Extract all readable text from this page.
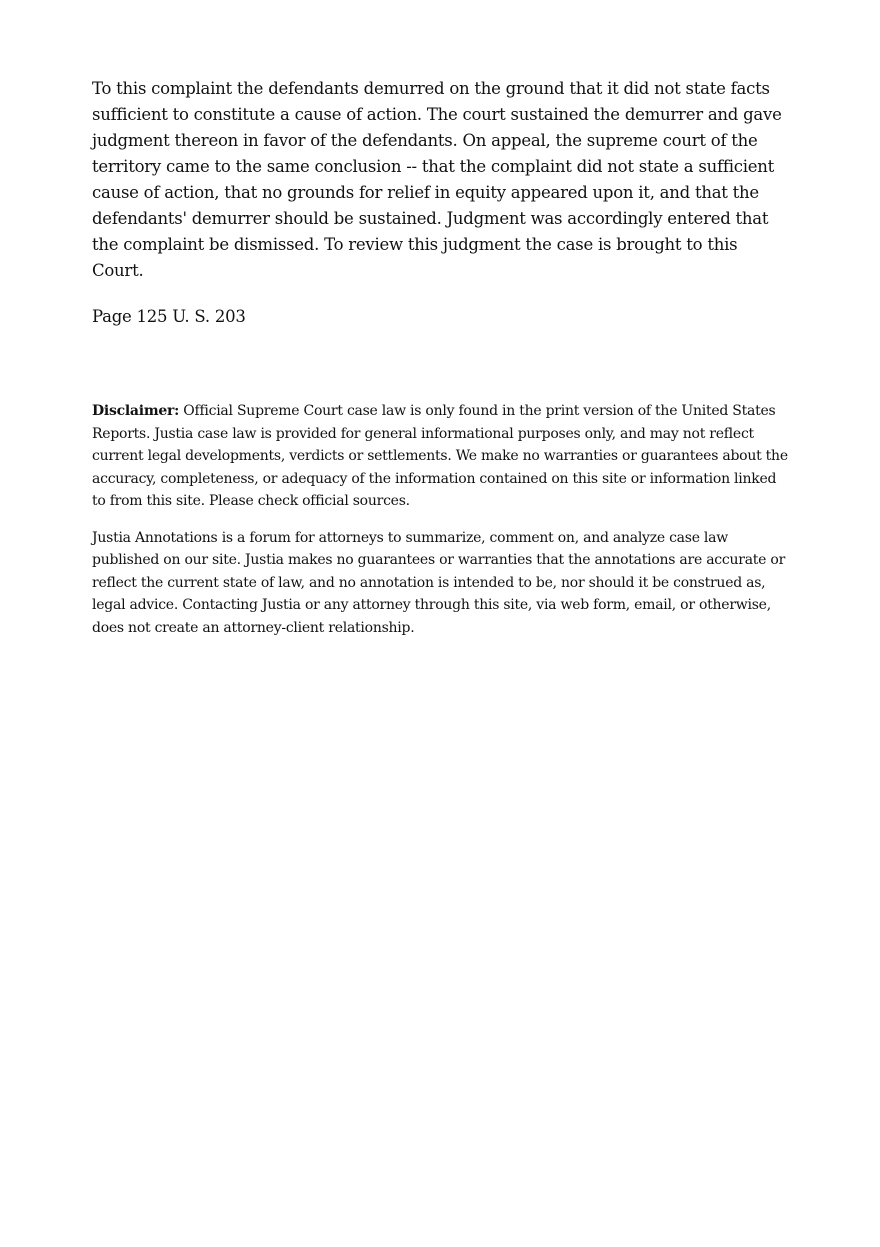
To this complaint the defendants demurred on the ground that it did not state facts sufficient to constitute a cause of action. The court sustained the demurrer and gave judgment thereon in favor of the defendants. On appeal, the supreme court of the territory came to the same conclusion -- that the complaint did not state a sufficient cause of action, that no grounds for relief in equity appeared upon it, and that the defendants' demurrer should be sustained. Judgment was accordingly entered that the complaint be dismissed. To review this judgment the case is brought to this Court.

Page 125 U. S. 203

Disclaimer: Official Supreme Court case law is only found in the print version of the United States Reports. Justia case law is provided for general informational purposes only, and may not reflect current legal developments, verdicts or settlements. We make no warranties or guarantees about the accuracy, completeness, or adequacy of the information contained on this site or information linked to from this site. Please check official sources.

Justia Annotations is a forum for attorneys to summarize, comment on, and analyze case law published on our site. Justia makes no guarantees or warranties that the annotations are accurate or reflect the current state of law, and no annotation is intended to be, nor should it be construed as, legal advice. Contacting Justia or any attorney through this site, via web form, email, or otherwise, does not create an attorney-client relationship.
